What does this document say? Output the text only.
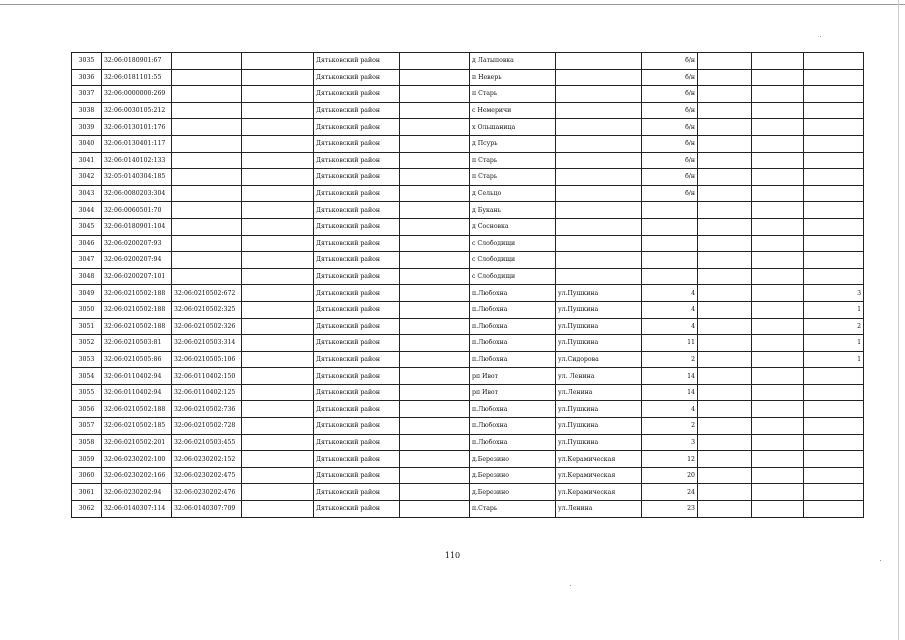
3035	32:06:0180901:67			Дятьковский район		д Латыповка		б/н			
3036	32:06:0181101:55			Дятьковский район		п Неверь		б/н			
3037	32:06:0000000:269			Дятьковский район		п Старь		б/н			
3038	32:06:0030105:212			Дятьковский район		с Немеричи		б/н			
3039	32:06:0130101:176			Дятьковский район		х Ольшаница		б/н			
3040	32:06:0130401:117			Дятьковский район		д Псурь		б/н			
3041	32:06:0140102:133			Дятьковский район		п Старь		б/н			
3042	32:05:0140304:185			Дятьковский район		п Старь		б/н			
3043	32:06:0080203:304			Дятьковский район		д Сельцо		б/н			
3044	32:06:0060501:70			Дятьковский район		д Букань					
3045	32:06:0180901:104			Дятьковский район		д Сосновка					
3046	32:06:0200207:93			Дятьковский район		с Слободищи					
3047	32:06:0200207:94			Дятьковский район		с Слободищи					
3048	32:06:0200207:101			Дятьковский район		с Слободищи					
3049	32:06:0210502:188	32:06:0210502:672		Дятьковский район		п.Любохна	ул.Пушкина	4			3
3050	32:06:0210502:188	32:06:0210502:325		Дятьковский район		п.Любохна	ул.Пушкина	4			1
3051	32:06:0210502:188	32:06:0210502:326		Дятьковский район		п.Любохна	ул.Пушкина	4			2
3052	32:06:0210503:81	32:06:0210503:314		Дятьковский район		п.Любохна	ул.Пушкина	11			1
3053	32:06:0210505:86	32:06:0210505:106		Дятьковский район		п.Любохна	ул.Сидорова	2			1
3054	32:06:0110402:94	32:06:0110402:150		Дятьковский район		рп Ивот	ул. Ленина	14			
3055	32:06:0110402:94	32:06:0110402:125		Дятьковский район		рп Ивот	ул.Ленина	14			
3056	32:06:0210502:188	32:06:0210502:736		Дятьковский район		п.Любохна	ул.Пушкина	4			
3057	32:06:0210502:185	32:06:0210502:728		Дятьковский район		п.Любохна	ул.Пушкина	2			
3058	32:06:0210502:201	32:06:0210503:455		Дятьковский район		п.Любохна	ул.Пушкина	3			
3059	32:06:0230202:100	32:06:0230202:152		Дятьковский район		д.Березино	ул.Керамическая	12			
3060	32:06:0230202:166	32:06:0230202:475		Дятьковский район		д.Березино	ул.Керамическая	20			
3061	32:06:0230202:94	32:06:0230202:476		Дятьковский район		д.Березино	ул.Керамическая	24			
3062	32:06:0140307:114	32:06:0140307:709		Дятьковский район		п.Старь	ул.Ленина	23			
110
